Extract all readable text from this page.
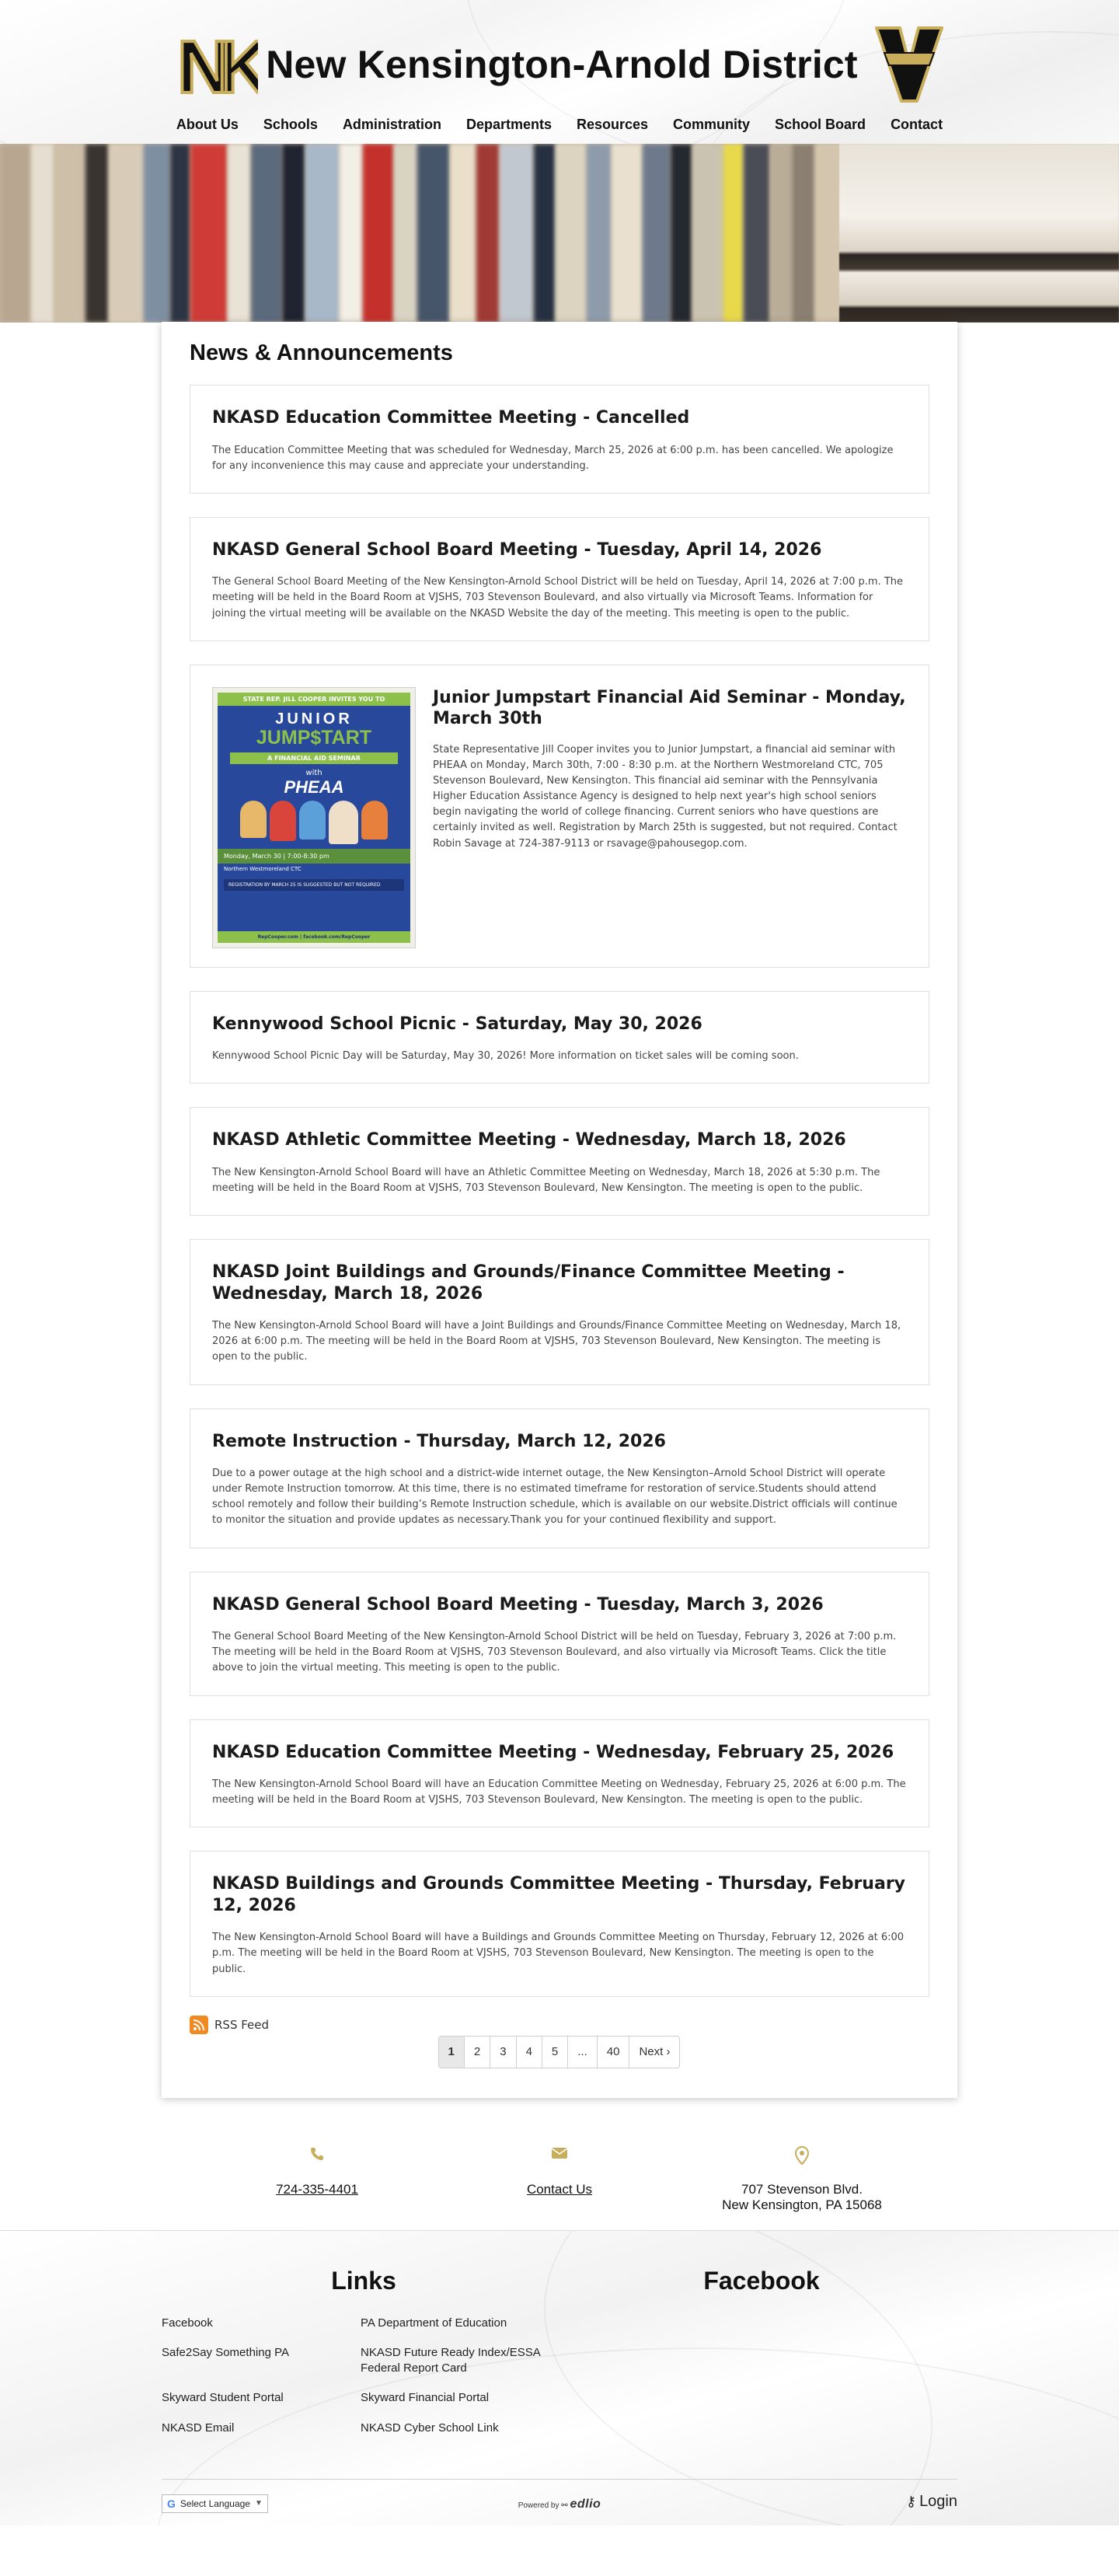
NK New Kensington-Arnold District
About Us	Schools	Administration	Departments	Resources	Community	School Board	Contact
News & Announcements
NKASD Education Committee Meeting - Cancelled

The Education Committee Meeting that was scheduled for Wednesday, March 25, 2026 at 6:00 p.m. has been cancelled. We apologize for any inconvenience this may cause and appreciate your understanding.

NKASD General School Board Meeting - Tuesday, April 14, 2026

The General School Board Meeting of the New Kensington-Arnold School District will be held on Tuesday, April 14, 2026 at 7:00 p.m. The meeting will be held in the Board Room at VJSHS, 703 Stevenson Boulevard, and also virtually via Microsoft Teams. Information for joining the virtual meeting will be available on the NKASD Website the day of the meeting. This meeting is open to the public.

STATE REP. JILL COOPER INVITES YOU TO
JUNIOR
JUMP$TART
A FINANCIAL AID SEMINAR
with
PHEAA
Monday, March 30 | 7:00-8:30 pm
Northern Westmoreland CTC
REGISTRATION BY MARCH 25 IS SUGGESTED BUT NOT REQUIRED
RepCooper.com | facebook.com/RepCooper
Junior Jumpstart Financial Aid Seminar - Monday, March 30th

State Representative Jill Cooper invites you to Junior Jumpstart, a financial aid seminar with PHEAA on Monday, March 30th, 7:00 - 8:30 p.m. at the Northern Westmoreland CTC, 705 Stevenson Boulevard, New Kensington. This financial aid seminar with the Pennsylvania Higher Education Assistance Agency is designed to help next year's high school seniors begin navigating the world of college financing. Current seniors who have questions are certainly invited as well. Registration by March 25th is suggested, but not required. Contact Robin Savage at 724-387-9113 or rsavage@pahousegop.com.

Kennywood School Picnic - Saturday, May 30, 2026

Kennywood School Picnic Day will be Saturday, May 30, 2026! More information on ticket sales will be coming soon.

NKASD Athletic Committee Meeting - Wednesday, March 18, 2026

The New Kensington-Arnold School Board will have an Athletic Committee Meeting on Wednesday, March 18, 2026 at 5:30 p.m. The meeting will be held in the Board Room at VJSHS, 703 Stevenson Boulevard, New Kensington. The meeting is open to the public.

NKASD Joint Buildings and Grounds/Finance Committee Meeting - Wednesday, March 18, 2026

The New Kensington-Arnold School Board will have a Joint Buildings and Grounds/Finance Committee Meeting on Wednesday, March 18, 2026 at 6:00 p.m. The meeting will be held in the Board Room at VJSHS, 703 Stevenson Boulevard, New Kensington. The meeting is open to the public.

Remote Instruction - Thursday, March 12, 2026

Due to a power outage at the high school and a district-wide internet outage, the New Kensington–Arnold School District will operate under Remote Instruction tomorrow. At this time, there is no estimated timeframe for restoration of service.Students should attend school remotely and follow their building’s Remote Instruction schedule, which is available on our website.District officials will continue to monitor the situation and provide updates as necessary.Thank you for your continued flexibility and support.

NKASD General School Board Meeting - Tuesday, March 3, 2026

The General School Board Meeting of the New Kensington-Arnold School District will be held on Tuesday, February 3, 2026 at 7:00 p.m. The meeting will be held in the Board Room at VJSHS, 703 Stevenson Boulevard, and also virtually via Microsoft Teams. Click the title above to join the virtual meeting. This meeting is open to the public.

NKASD Education Committee Meeting - Wednesday, February 25, 2026

The New Kensington-Arnold School Board will have an Education Committee Meeting on Wednesday, February 25, 2026 at 6:00 p.m. The meeting will be held in the Board Room at VJSHS, 703 Stevenson Boulevard, New Kensington. The meeting is open to the public.

NKASD Buildings and Grounds Committee Meeting - Thursday, February 12, 2026

The New Kensington-Arnold School Board will have a Buildings and Grounds Committee Meeting on Thursday, February 12, 2026 at 6:00 p.m. The meeting will be held in the Board Room at VJSHS, 703 Stevenson Boulevard, New Kensington. The meeting is open to the public.

RSS Feed
1	2	3	4	5	...	40	Next ›
724-335-4401	Contact Us	707 Stevenson Blvd.
New Kensington, PA 15068
Links
Facebook	PA Department of Education
Safe2Say Something PA	NKASD Future Ready Index/ESSA Federal Report Card
Skyward Student Portal	Skyward Financial Portal
NKASD Email	NKASD Cyber School Link
Facebook
G Select Language ▼	Powered by ⚯ edlio	⚷ Login
